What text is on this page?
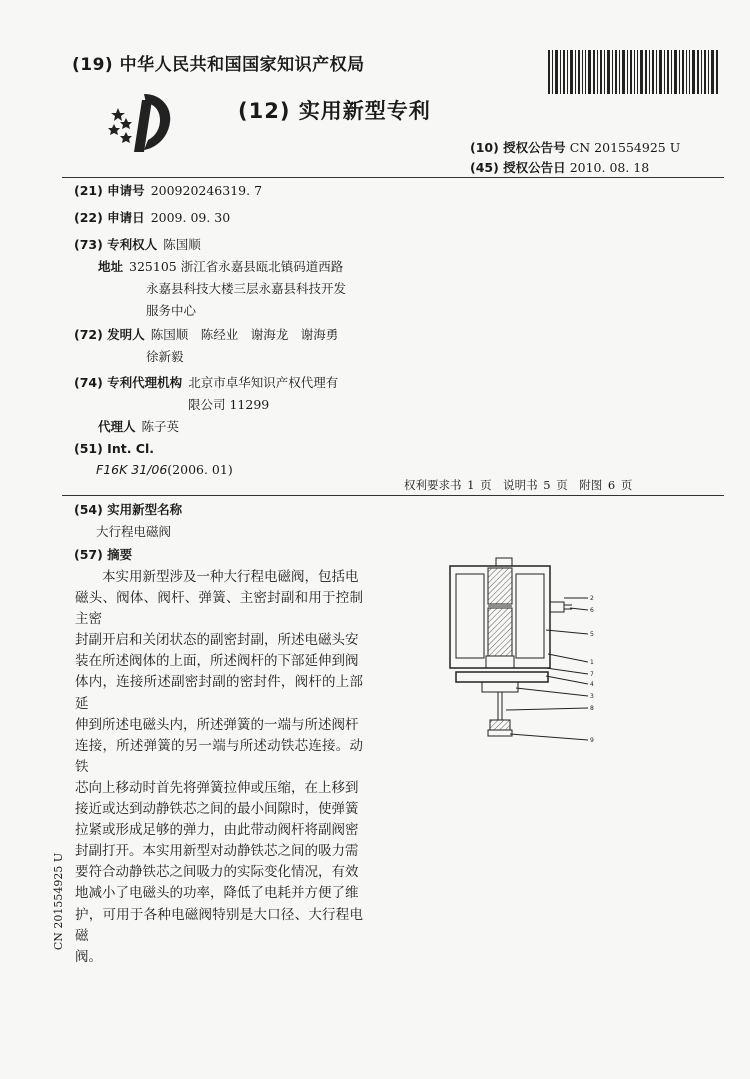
(19) 中华人民共和国国家知识产权局
(12) 实用新型专利
(10) 授权公告号 CN 201554925 U
(45) 授权公告日 2010. 08. 18
(21) 申请号 200920246319. 7
(22) 申请日 2009. 09. 30
(73) 专利权人 陈国顺
地址 325105 浙江省永嘉县瓯北镇码道西路
永嘉县科技大楼三层永嘉县科技开发
服务中心
(72) 发明人 陈国顺　陈经业　谢海龙　谢海勇
徐新毅
(74) 专利代理机构 北京市卓华知识产权代理有
限公司 11299
代理人 陈子英
(51) Int. Cl.
F16K 31/06(2006. 01)
权利要求书 1 页　说明书 5 页　附图 6 页
(54) 实用新型名称
大行程电磁阀
(57) 摘要
　　本实用新型涉及一种大行程电磁阀，包括电
磁头、阀体、阀杆、弹簧、主密封副和用于控制主密
封副开启和关闭状态的副密封副，所述电磁头安
装在所述阀体的上面，所述阀杆的下部延伸到阀
体内，连接所述副密封副的密封件，阀杆的上部延
伸到所述电磁头内，所述弹簧的一端与所述阀杆
连接，所述弹簧的另一端与所述动铁芯连接。动铁
芯向上移动时首先将弹簧拉伸或压缩，在上移到
接近或达到动静铁芯之间的最小间隙时，使弹簧
拉紧或形成足够的弹力，由此带动阀杆将副阀密
封副打开。本实用新型对动静铁芯之间的吸力需
要符合动静铁芯之间吸力的实际变化情况，有效
地减小了电磁头的功率，降低了电耗并方便了维
护，可用于各种电磁阀特别是大口径、大行程电磁
阀。
CN 201554925 U
2
6
5
1
7
4
3
8
9
